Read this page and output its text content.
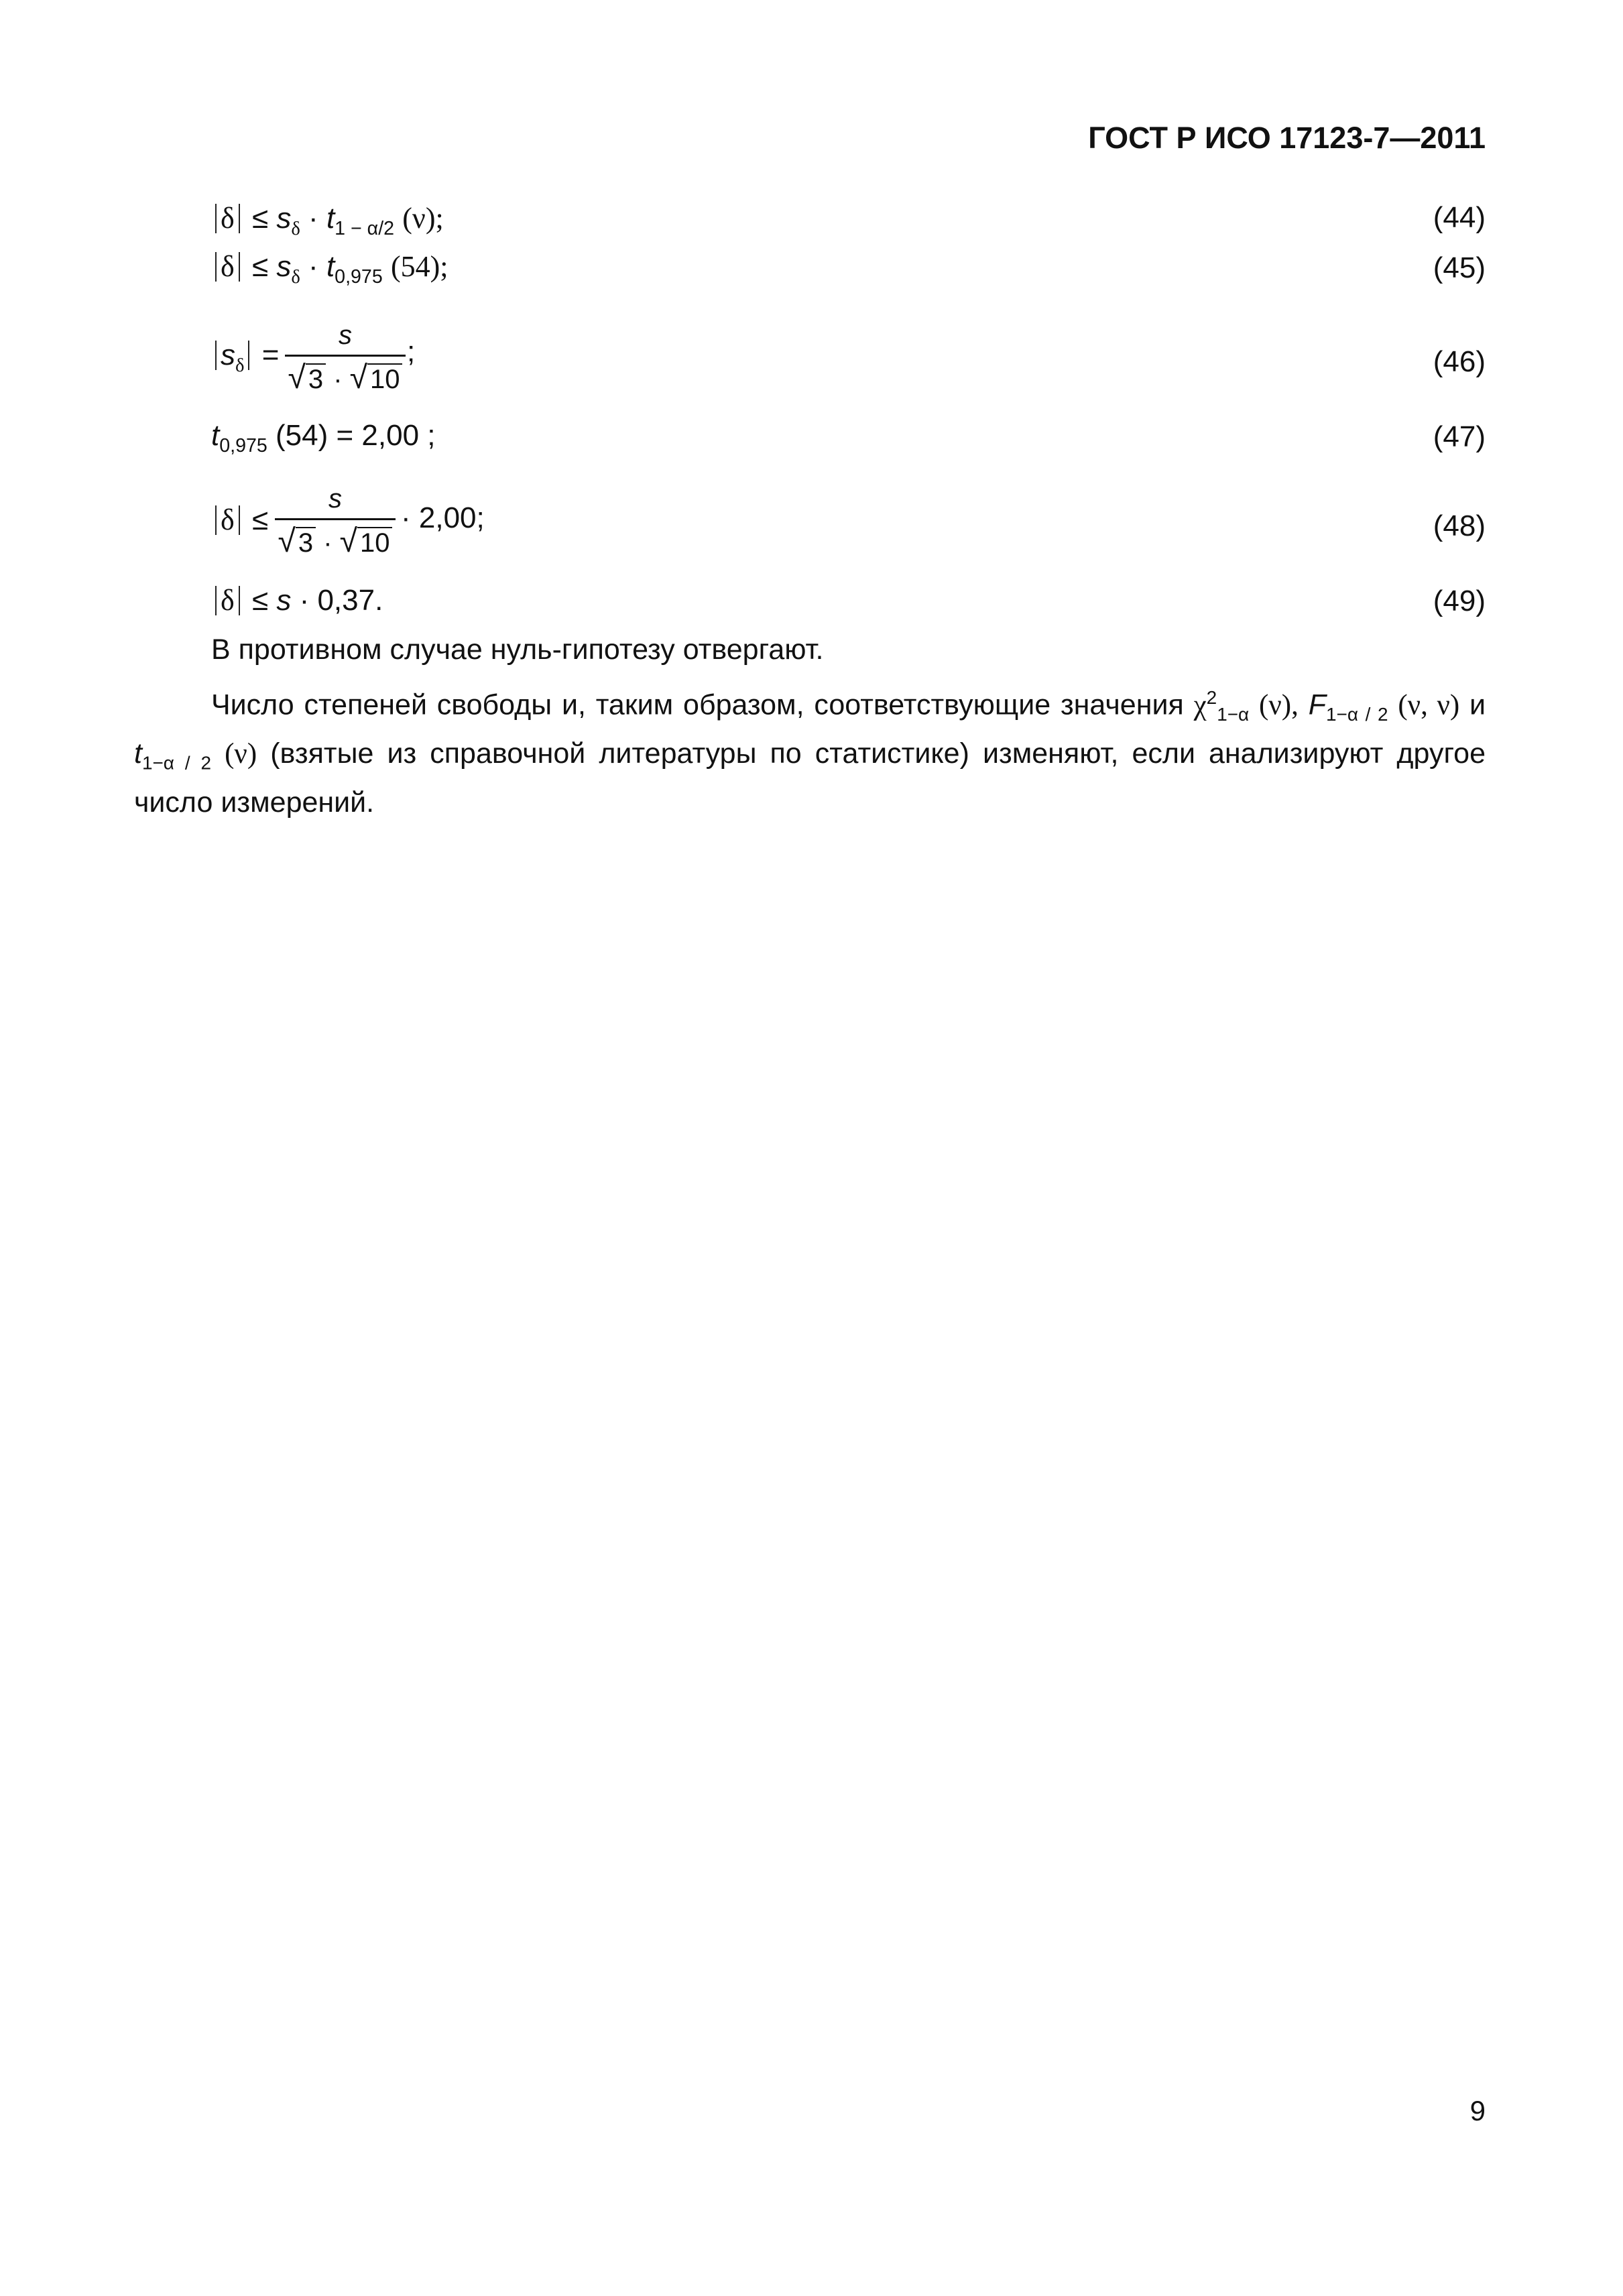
ГОСТ Р ИСО 17123-7—2011
$\delta \le s_\delta \cdot t_{1 - \alpha/2}$ (ν);	(44)
$\delta \le s_\delta \cdot t_{0,975}$ (54);	(45)
$s_\delta$ =
s
√ 3 · √ 10
;	(46)
$t_{0,975}$ (54) = 2,00 ;	(47)
δ ≤
s
√ 3 · √ 10
· 2,00;	(48)
δ ≤ s · 0,37.	(49)
В противном случае нуль-гипотезу отвергают.
Число степеней свободы и, таким образом, соответствующие значения $\chi^2_{1-\alpha}$ (ν), $F_{1-\alpha / 2}$ (ν, ν) и $t_{1-\alpha / 2}$ (ν) (взятые из справочной литературы по статистике) изменяют, если анализируют другое число измерений.
9
